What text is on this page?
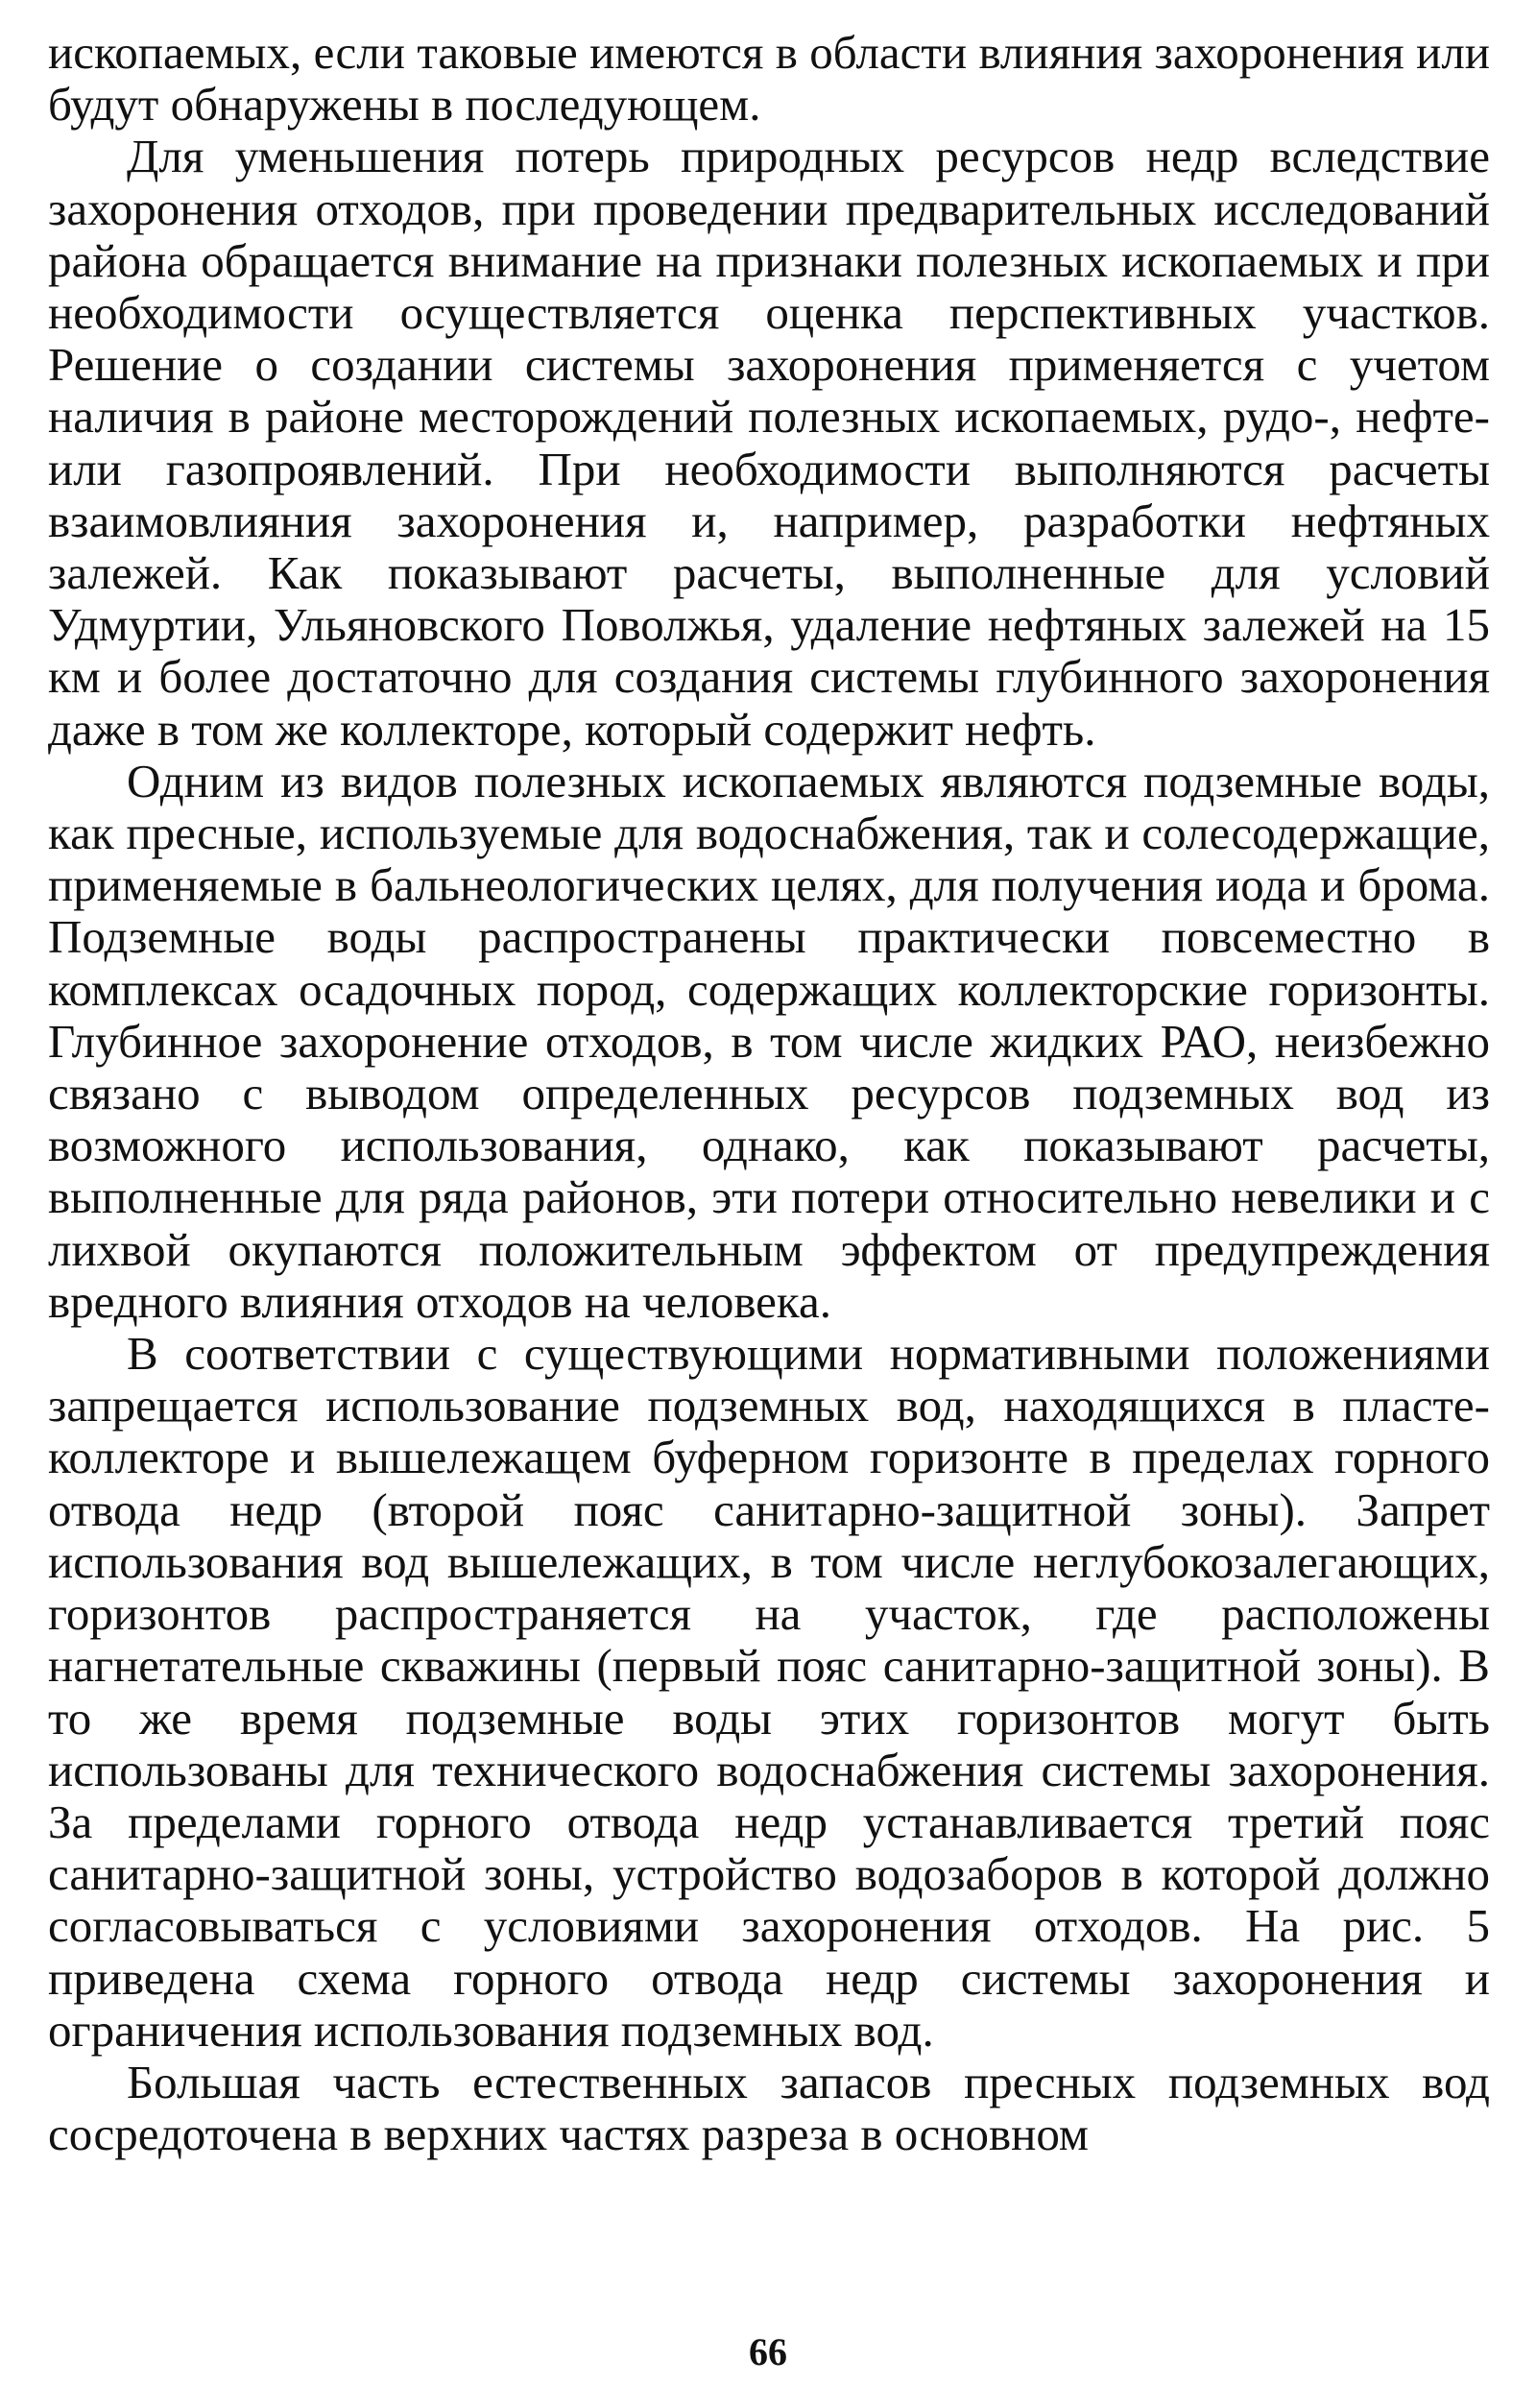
ископаемых, если таковые имеются в области влияния захоронения или будут обнаружены в последующем.

Для уменьшения потерь природных ресурсов недр вследствие захоронения отходов, при проведении предварительных исследований района обращается внимание на признаки полезных ископаемых и при необходимости осуществляется оценка перспективных участков. Решение о создании системы захоронения применяется с учетом наличия в районе месторождений полезных ископаемых, рудо-, нефте- или газопроявлений. При необходимости выполняются расчеты взаимовлияния захоронения и, например, разработки нефтяных залежей. Как показывают расчеты, выполненные для условий Удмуртии, Ульяновского Поволжья, удаление нефтяных залежей на 15 км и более достаточно для создания системы глубинного захоронения даже в том же коллекторе, который содержит нефть.

Одним из видов полезных ископаемых являются подземные воды, как пресные, используемые для водоснабжения, так и солесодержащие, применяемые в бальнеологических целях, для получения иода и брома. Подземные воды распространены практически повсеместно в комплексах осадочных пород, содержащих коллекторские горизонты. Глубинное захоронение отходов, в том числе жидких РАО, неизбежно связано с выводом определенных ресурсов подземных вод из возможного использования, однако, как показывают расчеты, выполненные для ряда районов, эти потери относительно невелики и с лихвой окупаются положительным эффектом от предупреждения вредного влияния отходов на человека.

В соответствии с существующими нормативными положениями запрещается использование подземных вод, находящихся в пласте-коллекторе и вышележащем буферном горизонте в пределах горного отвода недр (второй пояс санитарно-защитной зоны). Запрет использования вод вышележащих, в том числе неглубокозалегающих, горизонтов распространяется на участок, где расположены нагнетательные скважины (первый пояс санитарно-защитной зоны). В то же время подземные воды этих горизонтов могут быть использованы для технического водоснабжения системы захоронения. За пределами горного отвода недр устанавливается третий пояс санитарно-защитной зоны, устройство водозаборов в которой должно согласовываться с условиями захоронения отходов. На рис. 5 приведена схема горного отвода недр системы захоронения и ограничения использования подземных вод.

Большая часть естественных запасов пресных подземных вод сосредоточена в верхних частях разреза в основном

66
